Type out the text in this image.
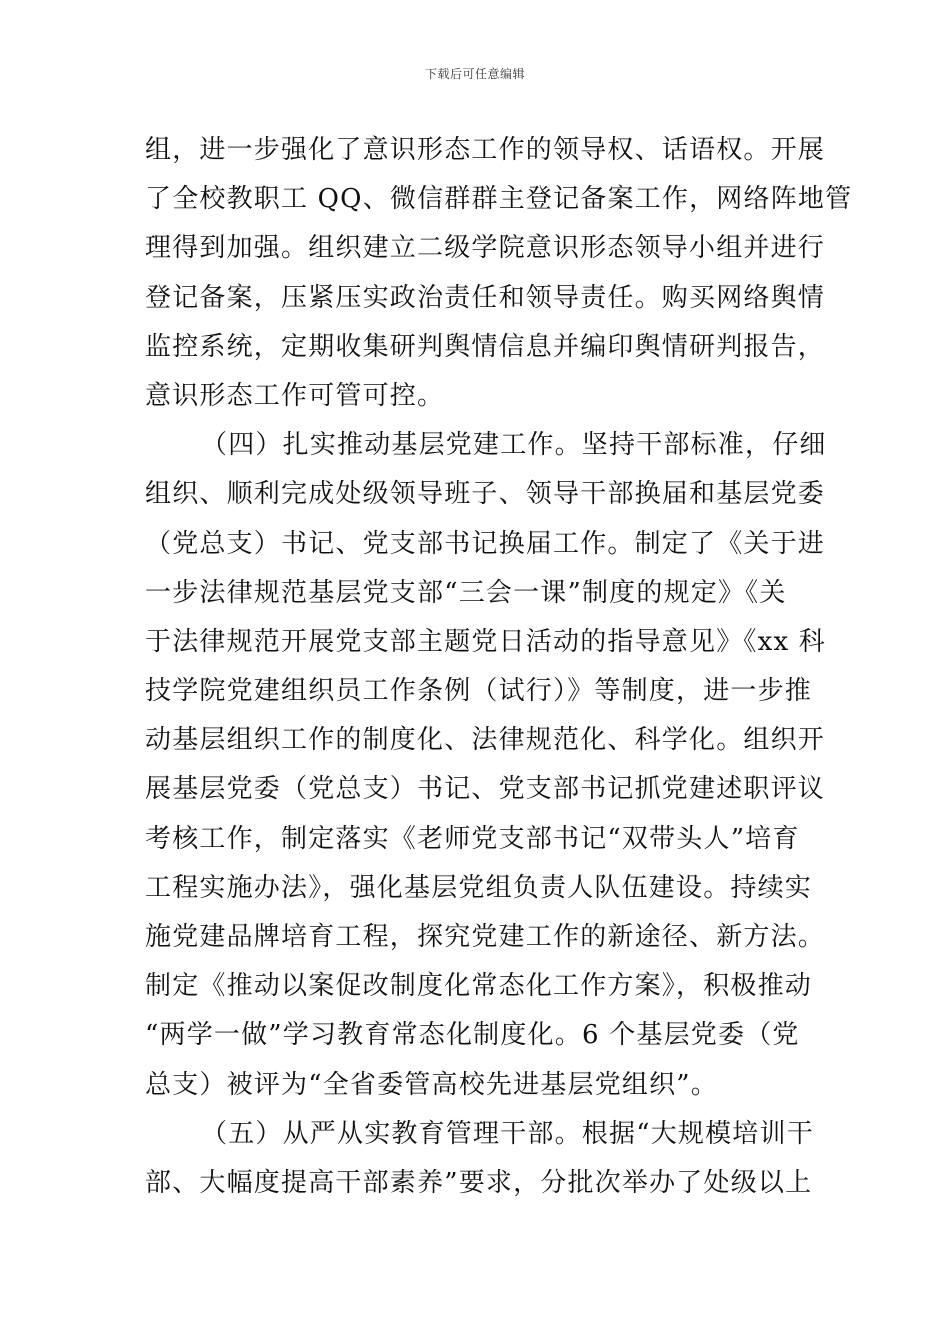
下载后可任意编辑
组，进一步强化了意识形态工作的领导权、话语权。开展
了全校教职工 QQ、微信群群主登记备案工作，网络阵地管
理得到加强。组织建立二级学院意识形态领导小组并进行
登记备案，压紧压实政治责任和领导责任。购买网络舆情
监控系统，定期收集研判舆情信息并编印舆情研判报告，
意识形态工作可管可控。
（四）扎实推动基层党建工作。坚持干部标准，仔细
组织、顺利完成处级领导班子、领导干部换届和基层党委
（党总支）书记、党支部书记换届工作。制定了《关于进
一步法律规范基层党支部“三会一课”制度的规定》《关
于法律规范开展党支部主题党日活动的指导意见》《xx 科
技学院党建组织员工作条例（试行）》等制度，进一步推
动基层组织工作的制度化、法律规范化、科学化。组织开
展基层党委（党总支）书记、党支部书记抓党建述职评议
考核工作，制定落实《老师党支部书记“双带头人”培育
工程实施办法》，强化基层党组负责人队伍建设。持续实
施党建品牌培育工程，探究党建工作的新途径、新方法。
制定《推动以案促改制度化常态化工作方案》，积极推动
“两学一做”学习教育常态化制度化。6 个基层党委（党
总支）被评为“全省委管高校先进基层党组织”。
（五）从严从实教育管理干部。根据“大规模培训干
部、大幅度提高干部素养”要求，分批次举办了处级以上
